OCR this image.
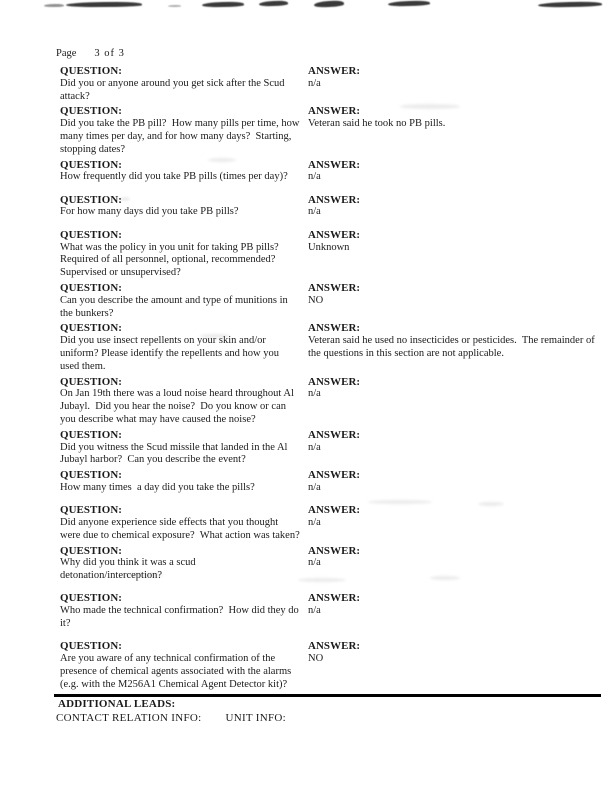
Page 3 of 3
QUESTION:	ANSWER:
Did you or anyone around you get sick after the Scud attack?
n/a
QUESTION:	ANSWER:
Did you take the PB pill?  How many pills per time, how many times per day, and for how many days?  Starting, stopping dates?
Veteran said he took no PB pills.
QUESTION:	ANSWER:
How frequently did you take PB pills (times per day)?	n/a
QUESTION:	ANSWER:
For how many days did you take PB pills?	n/a
QUESTION:	ANSWER:
What was the policy in you unit for taking PB pills? Required of all personnel, optional, recommended? Supervised or unsupervised?
Unknown
QUESTION:	ANSWER:
Can you describe the amount and type of munitions in the bunkers?
NO
QUESTION:	ANSWER:
Did you use insect repellents on your skin and/or uniform? Please identify the repellents and how you used them.
Veteran said he used no insecticides or pesticides.  The remainder of the questions in this section are not applicable.
QUESTION:	ANSWER:
On Jan 19th there was a loud noise heard throughout Al Jubayl.  Did you hear the noise?  Do you know or can you describe what may have caused the noise?
n/a
QUESTION:	ANSWER:
Did you witness the Scud missile that landed in the Al Jubayl harbor?  Can you describe the event?
n/a
QUESTION:	ANSWER:
How many times  a day did you take the pills?	n/a
QUESTION:	ANSWER:
Did anyone experience side effects that you thought were due to chemical exposure?  What action was taken?
n/a
QUESTION:	ANSWER:
Why did you think it was a scud detonation/interception?
n/a
QUESTION:	ANSWER:
Who made the technical confirmation?  How did they do it?
n/a
QUESTION:	ANSWER:
Are you aware of any technical confirmation of the presence of chemical agents associated with the alarms (e.g. with the M256A1 Chemical Agent Detector kit)?
NO
ADDITIONAL LEADS:
CONTACT RELATION INFO: UNIT INFO:
